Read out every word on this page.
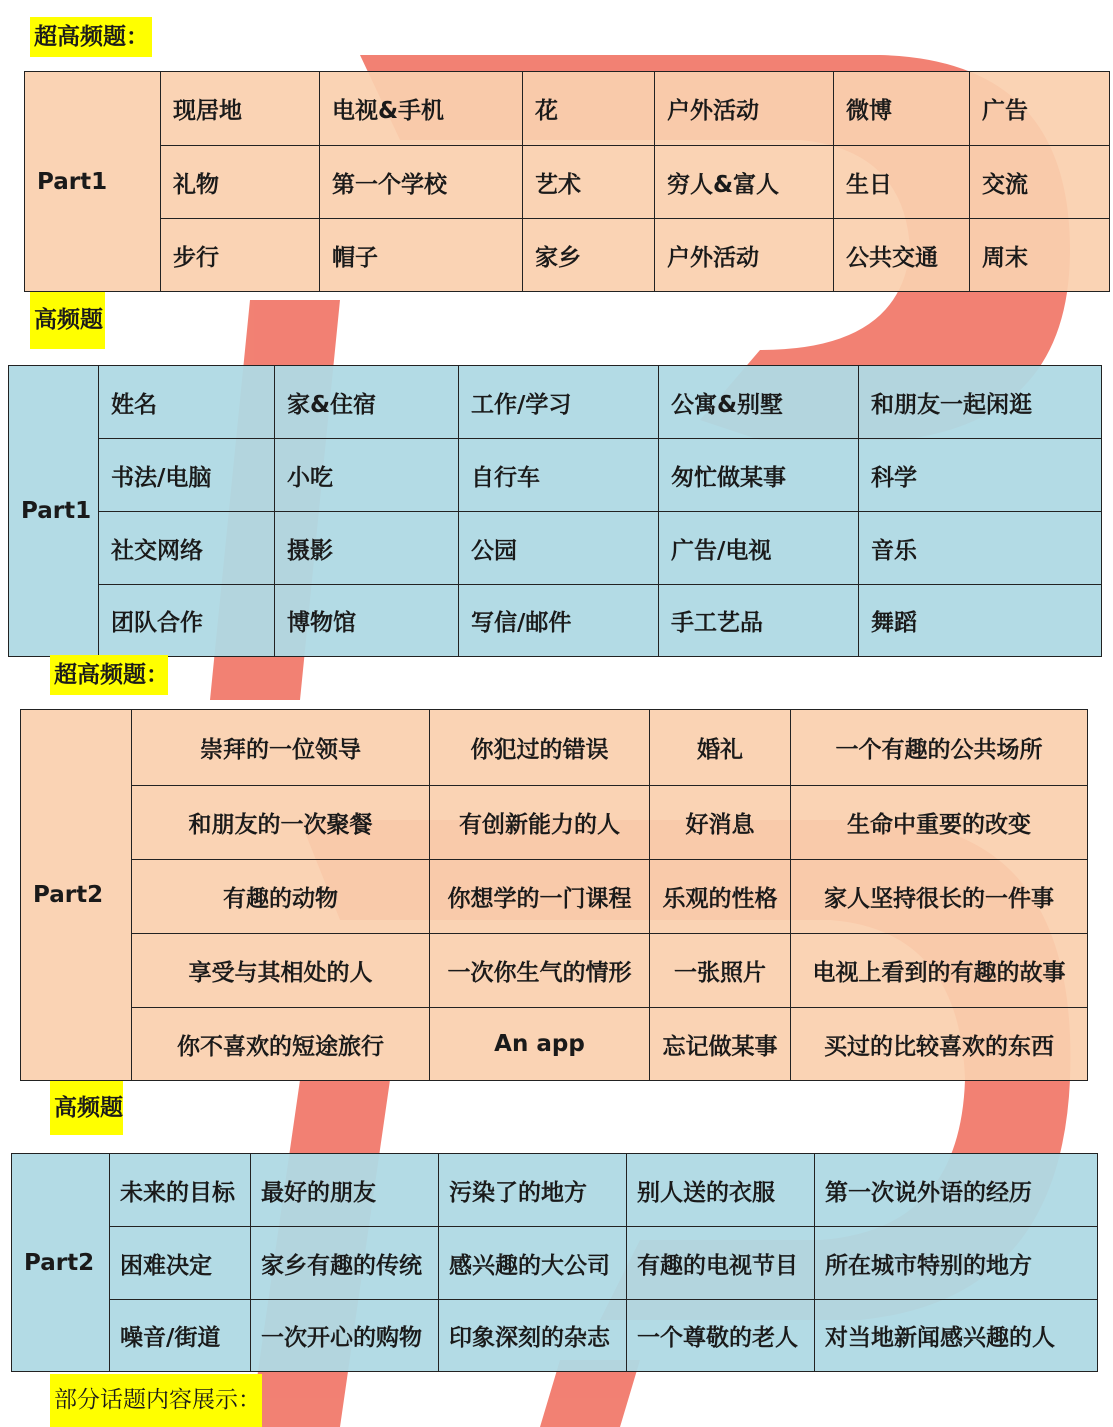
超高频题：
Part1	现居地	电视&手机	花	户外活动	微博	广告
	礼物	第一个学校	艺术	穷人&富人	生日	交流
	步行	帽子	家乡	户外活动	公共交通	周末
高频题
Part1	姓名	家&住宿	工作/学习	公寓&别墅	和朋友一起闲逛
	书法/电脑	小吃	自行车	匆忙做某事	科学
	社交网络	摄影	公园	广告/电视	音乐
	团队合作	博物馆	写信/邮件	手工艺品	舞蹈
超高频题：
Part2	崇拜的一位领导	你犯过的错误	婚礼	一个有趣的公共场所
	和朋友的一次聚餐	有创新能力的人	好消息	生命中重要的改变
	有趣的动物	你想学的一门课程	乐观的性格	家人坚持很长的一件事
	享受与其相处的人	一次你生气的情形	一张照片	电视上看到的有趣的故事
	你不喜欢的短途旅行	An app	忘记做某事	买过的比较喜欢的东西
高频题
Part2	未来的目标	最好的朋友	污染了的地方	别人送的衣服	第一次说外语的经历
	困难决定	家乡有趣的传统	感兴趣的大公司	有趣的电视节目	所在城市特别的地方
	噪音/街道	一次开心的购物	印象深刻的杂志	一个尊敬的老人	对当地新闻感兴趣的人
部分话题内容展示：
